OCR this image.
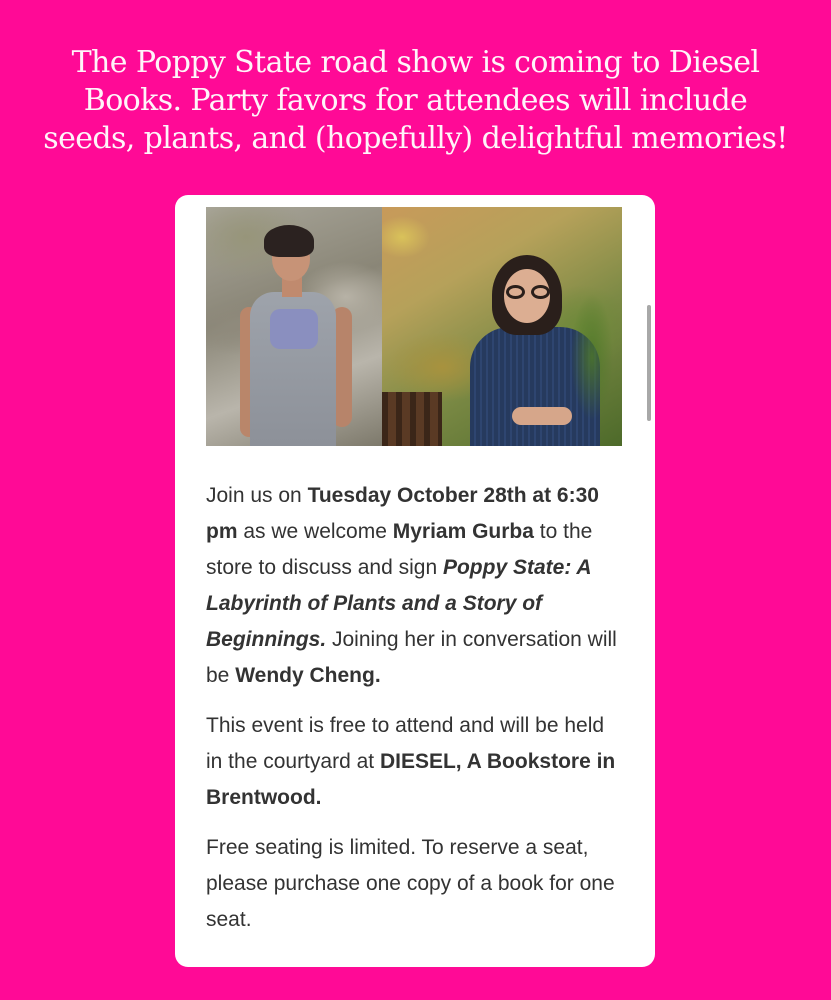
The Poppy State road show is coming to Diesel Books. Party favors for attendees will include seeds, plants, and (hopefully) delightful memories!

Join us on Tuesday October 28th at 6:30 pm as we welcome Myriam Gurba to the store to discuss and sign Poppy State: A Labyrinth of Plants and a Story of Beginnings. Joining her in conversation will be Wendy Cheng.

This event is free to attend and will be held in the courtyard at DIESEL, A Bookstore in Brentwood.

Free seating is limited. To reserve a seat, please purchase one copy of a book for one seat.
